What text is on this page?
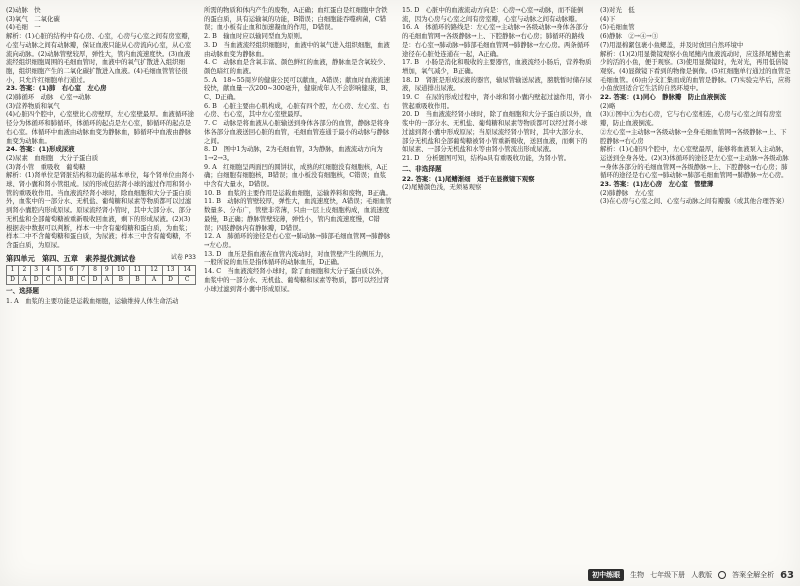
(2)动脉　快
(3)氧气　二氧化碳
(4)毛细　一
解析：(1)心脏的结构中有心房、心室，心房与心室之间有房室瓣，心室与动脉之间有动脉瓣，保证血液只能从心房流向心室，从心室流向动脉。(2)动脉管壁较厚，弹性大，管内血流速度快。(3)血液流经组织细胞周围的毛细血管时，血液中的氧气扩散进入组织细胞，组织细胞产生的二氧化碳扩散进入血液。(4)毛细血管管径很小，只允许红细胞单行通过。
23. 答案：(1)肺　右心室　左心房
(2)肺循环　动脉　心室→动脉
(3)营养物质和氧气
(4)心脏四个腔中，心室壁比心房壁厚，左心室壁最厚。血液循环途径分为体循环和肺循环，体循环的起点是左心室，肺循环的起点是右心室。体循环中血液由动脉血变为静脉血，肺循环中血液由静脉血变为动脉血。
24. 答案：(1)形成尿液
(2)尿素　血细胞　大分子蛋白质
(3)肾小管　重吸收　葡萄糖
解析：(1)肾单位是肾脏结构和功能的基本单位，每个肾单位由肾小球、肾小囊和肾小管组成。尿的形成包括肾小球的滤过作用和肾小管的重吸收作用。当血液流经肾小球时，除血细胞和大分子蛋白质外，血浆中的一部分水、无机盐、葡萄糖和尿素等物质都可以过滤到肾小囊腔内形成原尿。原尿流经肾小管时，其中大部分水、部分无机盐和全部葡萄糖被重新吸收回血液，剩下的形成尿液。(2)(3)根据表中数据可以判断，样本一中含有葡萄糖和蛋白质，为血浆；样本二中不含葡萄糖和蛋白质，为尿液；样本三中含有葡萄糖，不含蛋白质，为原尿。
第四单元　第四、五章　素养提优测试卷	试卷 P33
1	2	3	4	5	6	7	8	9	10	11	12	13	14
D	A	D	C	A	B	C	D	A	B	B	A	D	C
一、选择题
1. A　血浆的主要功能是运载血细胞，运输维持人体生命活动
所需的物质和体内产生的废物，A正确；血红蛋白是红细胞中含铁的蛋白质，具有运输氧的功能，B错误；白细胞能吞噬病菌，C错误；血小板有止血和加速凝血的作用，D错误。
2. B　输血时应以输同型血为原则。
3. D　当血液流经组织细胞时，血液中的氧气进入组织细胞，血液由动脉血变为静脉血。
4. C　动脉血是含氧丰富、颜色鲜红的血液，静脉血是含氧较少、颜色暗红的血液。
5. A　18~55周岁的健康公民可以献血，A错误；献血时血液流速较快，献血量一次200~300毫升，健康成年人不会影响健康，B、C、D正确。
6. B　心脏主要由心肌构成，心脏有四个腔，左心房、左心室、右心房、右心室，其中左心室壁最厚。
7. C　动脉是将血液从心脏输送到身体各部分的血管，静脉是将身体各部分血液送回心脏的血管，毛细血管连通于最小的动脉与静脉之间。
8. D　图中1为动脉，2为毛细血管，3为静脉，血液流动方向为1→2→3。
9. A　红细胞呈两面凹的圆饼状，成熟的红细胞没有细胞核，A正确；白细胞有细胞核，B错误；血小板没有细胞核，C错误；血浆中含有大量水，D错误。
10. B　血浆的主要作用是运载血细胞，运输养料和废物，B正确。
11. B　动脉的管壁较厚，弹性大，血流速度快，A错误；毛细血管数量多、分布广，管壁非常薄，只由一层上皮细胞构成，血流速度最慢，B正确；静脉管壁较薄，弹性小，管内血流速度慢，C错误；四肢静脉内有静脉瓣，D错误。
12. A　肺循环的途径是右心室→肺动脉→肺部毛细血管网→肺静脉→左心房。
13. D　血压是指血液在血管内流动时，对血管壁产生的侧压力，一般所说的血压是指体循环的动脉血压，D正确。
14. C　当血液流经肾小球时，除了血细胞和大分子蛋白质以外，血浆中的一部分水、无机盐、葡萄糖和尿素等物质，都可以经过肾小球过滤到肾小囊中形成原尿。
15. D　心脏中的血液流动方向是：心房→心室→动脉，而不能倒流，因为心房与心室之间有房室瓣，心室与动脉之间有动脉瓣。
16. A　体循环的路线是：左心室→主动脉→各级动脉→身体各部分的毛细血管网→各级静脉→上、下腔静脉→右心房；肺循环的路线是：右心室→肺动脉→肺部毛细血管网→肺静脉→左心房。两条循环途径在心脏处连通在一起，A正确。
17. B　小肠是消化和吸收的主要器官，血液流经小肠后，营养物质增加，氧气减少，B正确。
18. D　肾脏是形成尿液的器官，输尿管输送尿液，膀胱暂时储存尿液，尿道排出尿液。
19. C　在尿的形成过程中，肾小球和肾小囊内壁起过滤作用，肾小管起重吸收作用。
20. D　当血液流经肾小球时，除了血细胞和大分子蛋白质以外，血浆中的一部分水、无机盐、葡萄糖和尿素等物质都可以经过肾小球过滤到肾小囊中形成原尿；当原尿流经肾小管时，其中大部分水、部分无机盐和全部葡萄糖被肾小管重新吸收，送回血液，而剩下的如尿素、一部分无机盐和水等由肾小管流出形成尿液。
21. D　分析题图可知，结构a具有重吸收功能，为肾小管。
二、非选择题
22. 答案：(1)尾鳍渐细　适于在显微镜下观察
(2)尾鳍颜色浅，无须易观察
(3)对光　低
(4)下
(5)毛细血管
(6)静脉　②→④→③
(7)用湿棉絮包裹小鱼鳃盖，并及时放回自然环境中
解析：(1)(2)用显微镜观察小鱼尾鳍内血液流动时，应选择尾鳍色素少的活的小鱼，便于观察。(3)使用显微镜时，先对光，再用低倍镜观察。(4)显微镜下看到的物像是倒像。(5)红细胞单行通过的血管是毛细血管。(6)由分支汇集而成的血管是静脉。(7)实验完毕后，应将小鱼放回适合它生活的自然环境中。
22. 答案：(1)同心　静脉瓣　防止血液倒流
(2)略
(3)①图中①为右心房，它与右心室相连，心房与心室之间有房室瓣，防止血液倒流。
②左心室→主动脉→各级动脉→全身毛细血管网→各级静脉→上、下腔静脉→右心房
解析：(1)心脏四个腔中，左心室壁最厚，能够将血液泵入主动脉，运送到全身各处。(2)(3)体循环的途径是左心室→主动脉→各级动脉→身体各部分的毛细血管网→各级静脉→上、下腔静脉→右心房；肺循环的途径是右心室→肺动脉→肺部毛细血管网→肺静脉→左心房。
23. 答案：(1)左心房　左心室　管壁薄
(2)肺静脉　左心室
(3)在心房与心室之间、心室与动脉之间有瓣膜（或其他合理答案）
初中练眼	生物 七年级下册 人教版	答案全解全析 63
